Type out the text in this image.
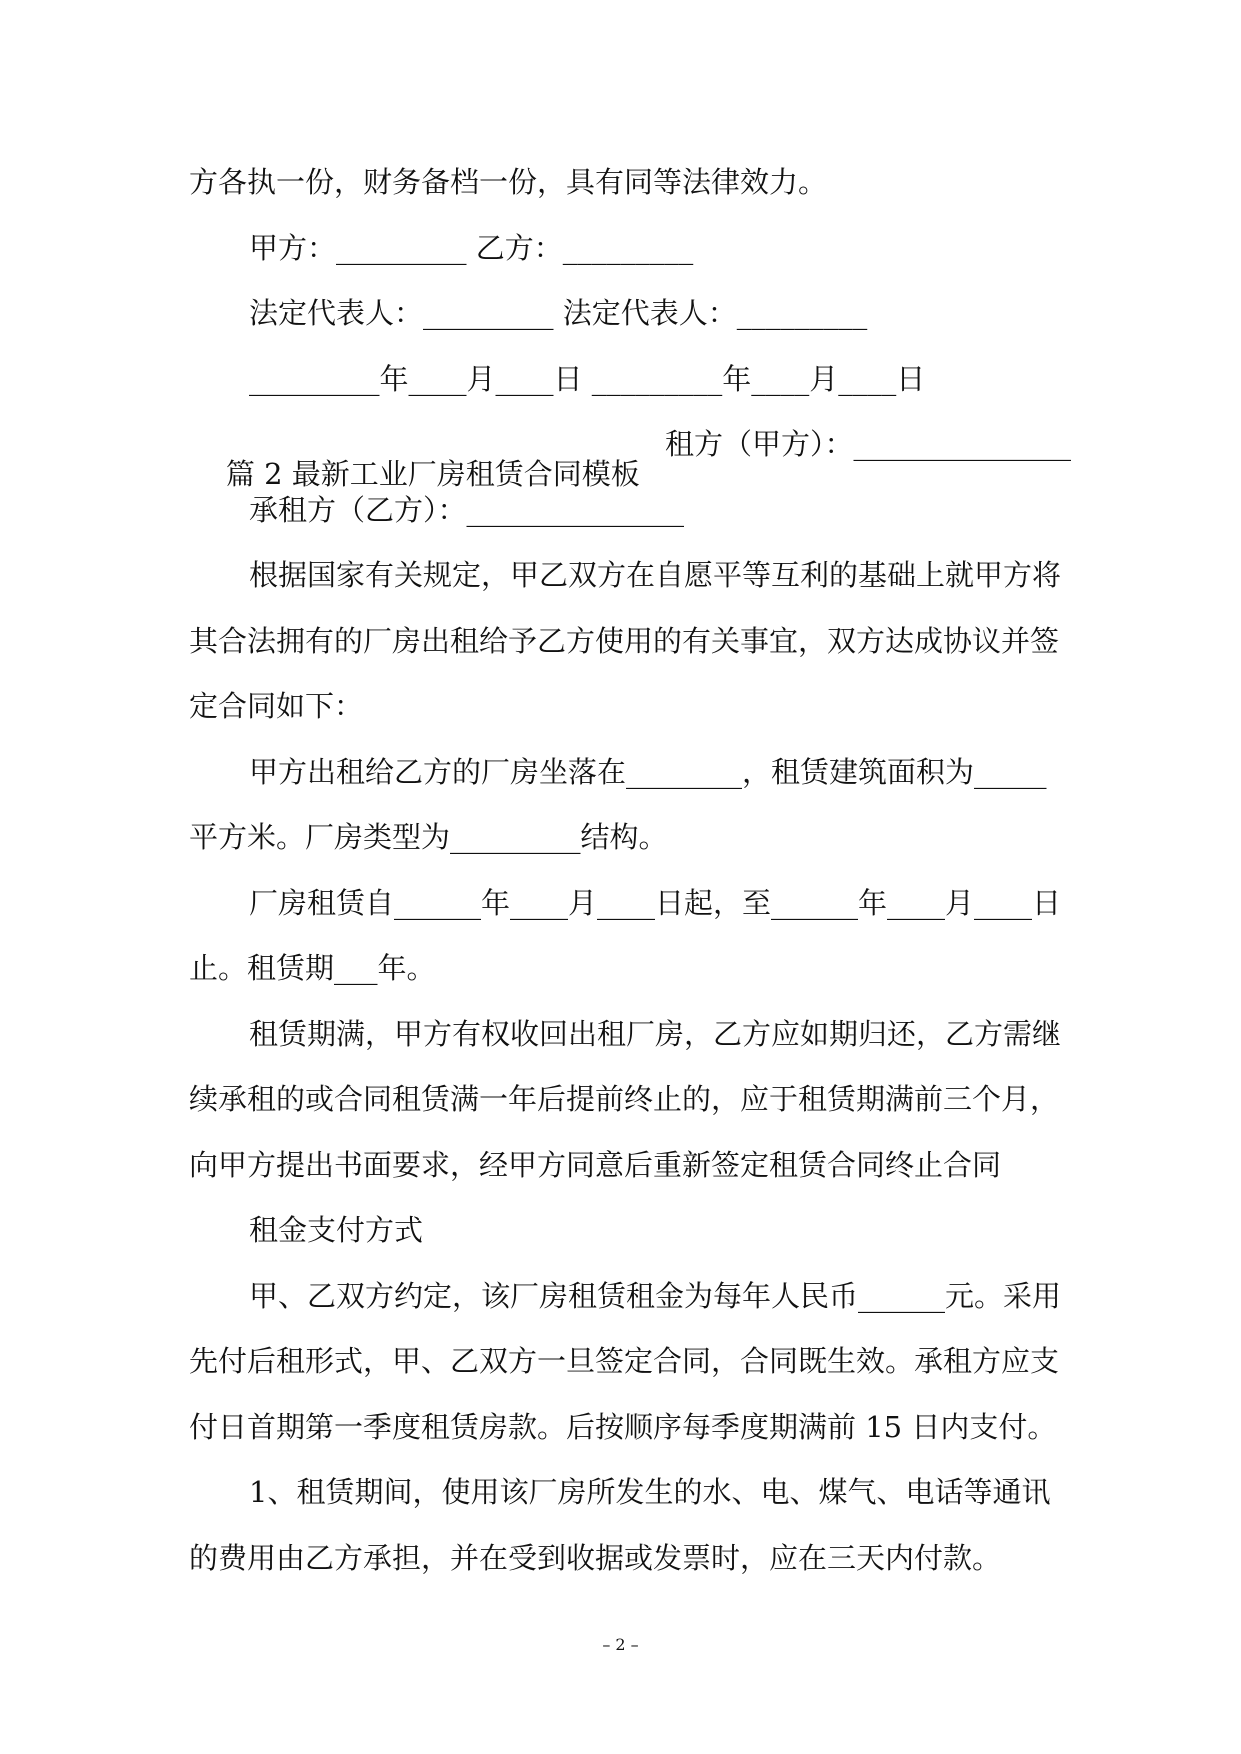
方各执一份，财务备档一份，具有同等法律效力。
甲方：_________ 乙方：_________
法定代表人：_________ 法定代表人：_________
_________年____月____日 _________年____月____日

篇 2 最新工业厂房租赁合同模板
租方（甲方）：_______________

承租方（乙方）：_______________
根据国家有关规定，甲乙双方在自愿平等互利的基础上就甲方将
其合法拥有的厂房出租给予乙方使用的有关事宜，双方达成协议并签
定合同如下：
甲方出租给乙方的厂房坐落在________，租赁建筑面积为_____
平方米。厂房类型为_________结构。
厂房租赁自______年____月____日起，至______年____月____日
止。租赁期___年。
租赁期满，甲方有权收回出租厂房，乙方应如期归还，乙方需继
续承租的或合同租赁满一年后提前终止的，应于租赁期满前三个月，
向甲方提出书面要求，经甲方同意后重新签定租赁合同终止合同
租金支付方式
甲、乙双方约定，该厂房租赁租金为每年人民币______元。采用
先付后租形式，甲、乙双方一旦签定合同，合同既生效。承租方应支
付日首期第一季度租赁房款。后按顺序每季度期满前 15 日内支付。
1、租赁期间，使用该厂房所发生的水、电、煤气、电话等通讯
的费用由乙方承担，并在受到收据或发票时，应在三天内付款。
– 2 –
